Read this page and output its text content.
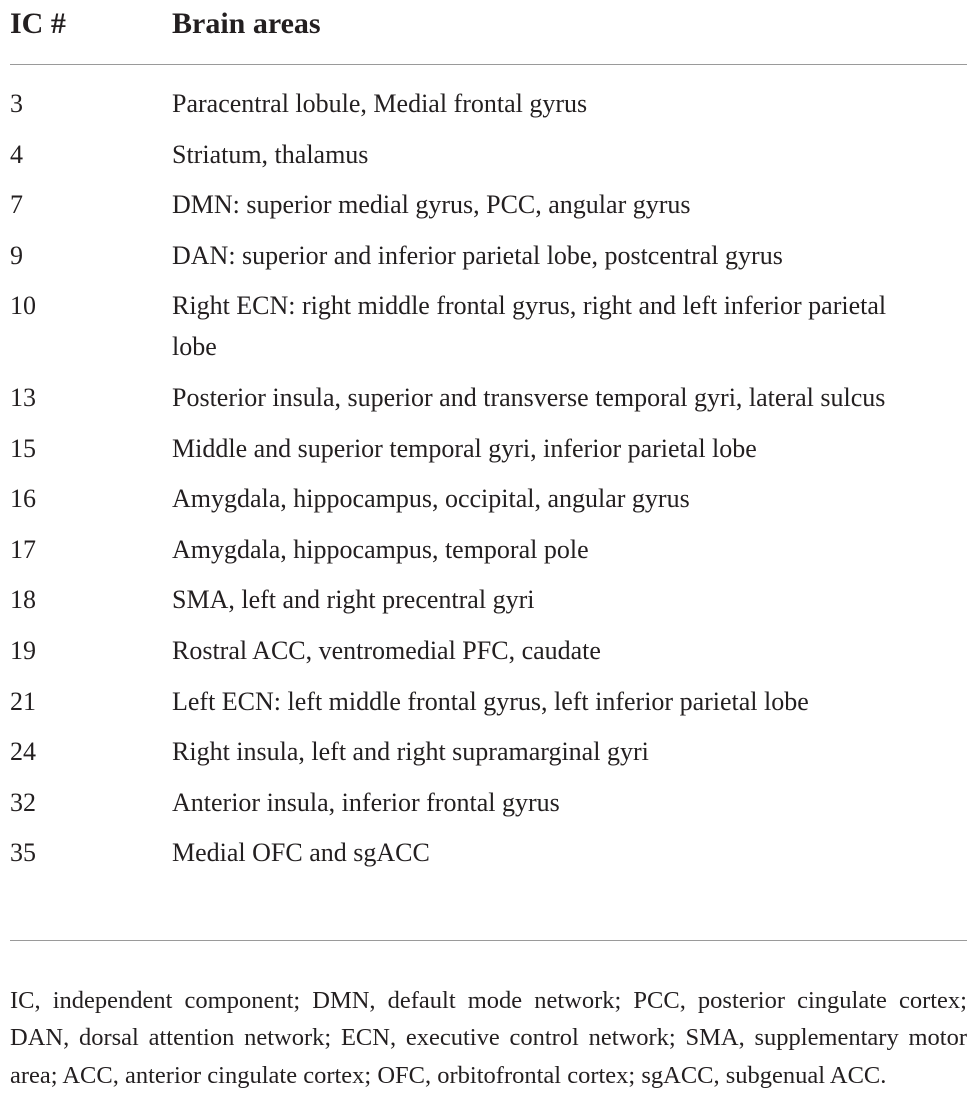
IC #	Brain areas
3	Paracentral lobule, Medial frontal gyrus
4	Striatum, thalamus
7	DMN: superior medial gyrus, PCC, angular gyrus
9	DAN: superior and inferior parietal lobe, postcentral gyrus
10	Right ECN: right middle frontal gyrus, right and left inferior parietal lobe
13	Posterior insula, superior and transverse temporal gyri, lateral sulcus
15	Middle and superior temporal gyri, inferior parietal lobe
16	Amygdala, hippocampus, occipital, angular gyrus
17	Amygdala, hippocampus, temporal pole
18	SMA, left and right precentral gyri
19	Rostral ACC, ventromedial PFC, caudate
21	Left ECN: left middle frontal gyrus, left inferior parietal lobe
24	Right insula, left and right supramarginal gyri
32	Anterior insula, inferior frontal gyrus
35	Medial OFC and sgACC

IC, independent component; DMN, default mode network; PCC, posterior cingulate cortex; DAN, dorsal attention network; ECN, executive control network; SMA, supplementary motor area; ACC, anterior cingulate cortex; OFC, orbitofrontal cortex; sgACC, subgenual ACC.
